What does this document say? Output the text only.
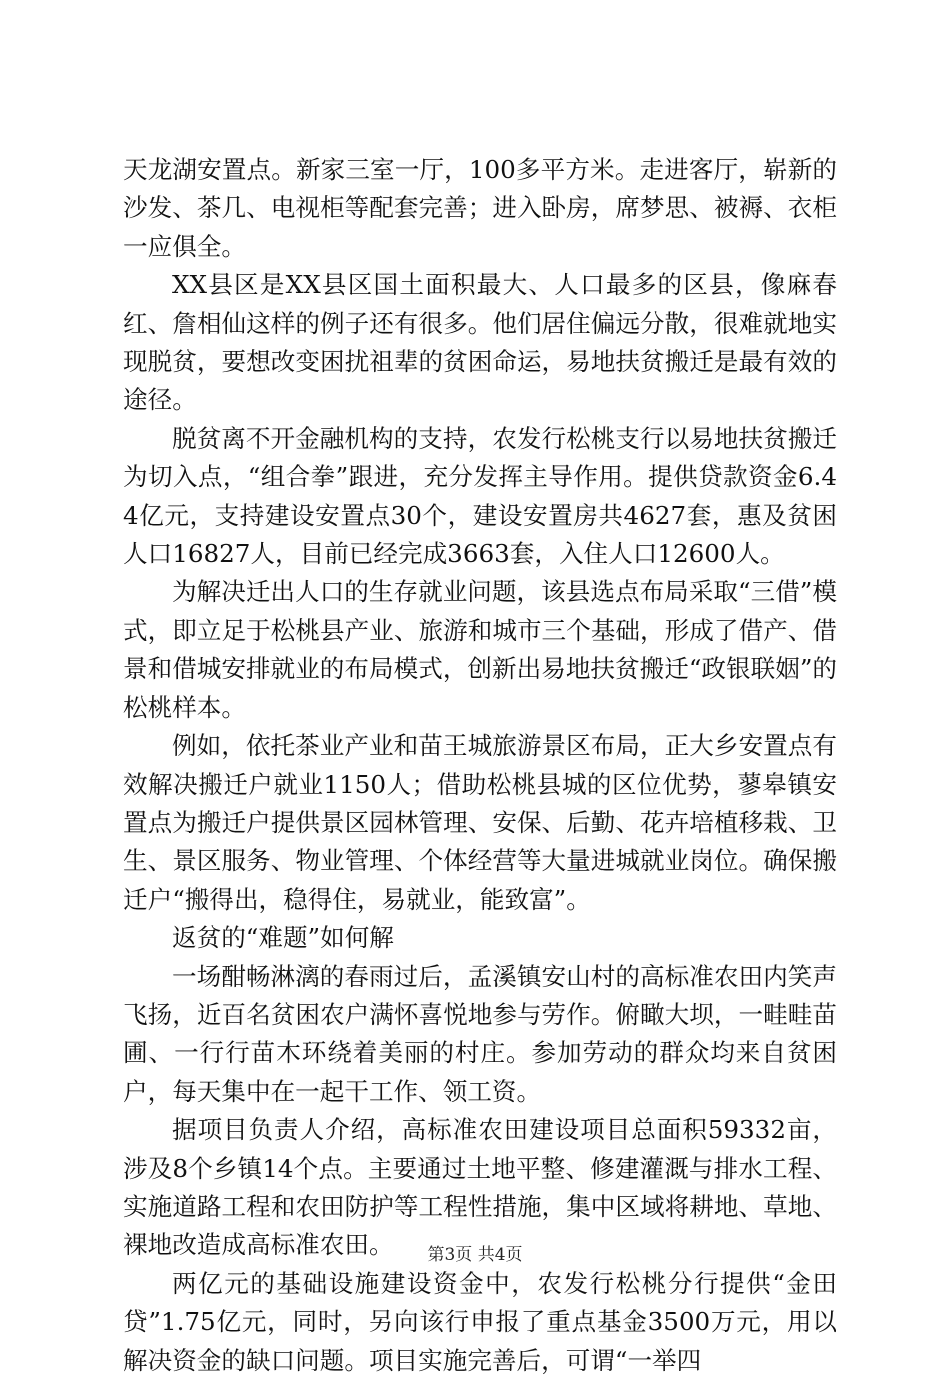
天龙湖安置点。新家三室一厅，100多平方米。走进客厅，崭新的沙发、茶几、电视柜等配套完善；进入卧房，席梦思、被褥、衣柜一应俱全。

XX县区是XX县区国土面积最大、人口最多的区县，像麻春红、詹相仙这样的例子还有很多。他们居住偏远分散，很难就地实现脱贫，要想改变困扰祖辈的贫困命运，易地扶贫搬迁是最有效的途径。

脱贫离不开金融机构的支持，农发行松桃支行以易地扶贫搬迁为切入点，“组合拳”跟进，充分发挥主导作用。提供贷款资金6.44亿元，支持建设安置点30个，建设安置房共4627套，惠及贫困人口16827人，目前已经完成3663套，入住人口12600人。

为解决迁出人口的生存就业问题，该县选点布局采取“三借”模式，即立足于松桃县产业、旅游和城市三个基础，形成了借产、借景和借城安排就业的布局模式，创新出易地扶贫搬迁“政银联姻”的松桃样本。

例如，依托茶业产业和苗王城旅游景区布局，正大乡安置点有效解决搬迁户就业1150人；借助松桃县城的区位优势，蓼皋镇安置点为搬迁户提供景区园林管理、安保、后勤、花卉培植移栽、卫生、景区服务、物业管理、个体经营等大量进城就业岗位。确保搬迁户“搬得出，稳得住，易就业，能致富”。

返贫的“难题”如何解

一场酣畅淋漓的春雨过后，孟溪镇安山村的高标准农田内笑声飞扬，近百名贫困农户满怀喜悦地参与劳作。俯瞰大坝，一畦畦苗圃、一行行苗木环绕着美丽的村庄。参加劳动的群众均来自贫困户，每天集中在一起干工作、领工资。

据项目负责人介绍，高标准农田建设项目总面积59332亩，涉及8个乡镇14个点。主要通过土地平整、修建灌溉与排水工程、实施道路工程和农田防护等工程性措施，集中区域将耕地、草地、裸地改造成高标准农田。

两亿元的基础设施建设资金中，农发行松桃分行提供“金田贷”1.75亿元，同时，另向该行申报了重点基金3500万元，用以解决资金的缺口问题。项目实施完善后，可谓“一举四

第3页 共4页
